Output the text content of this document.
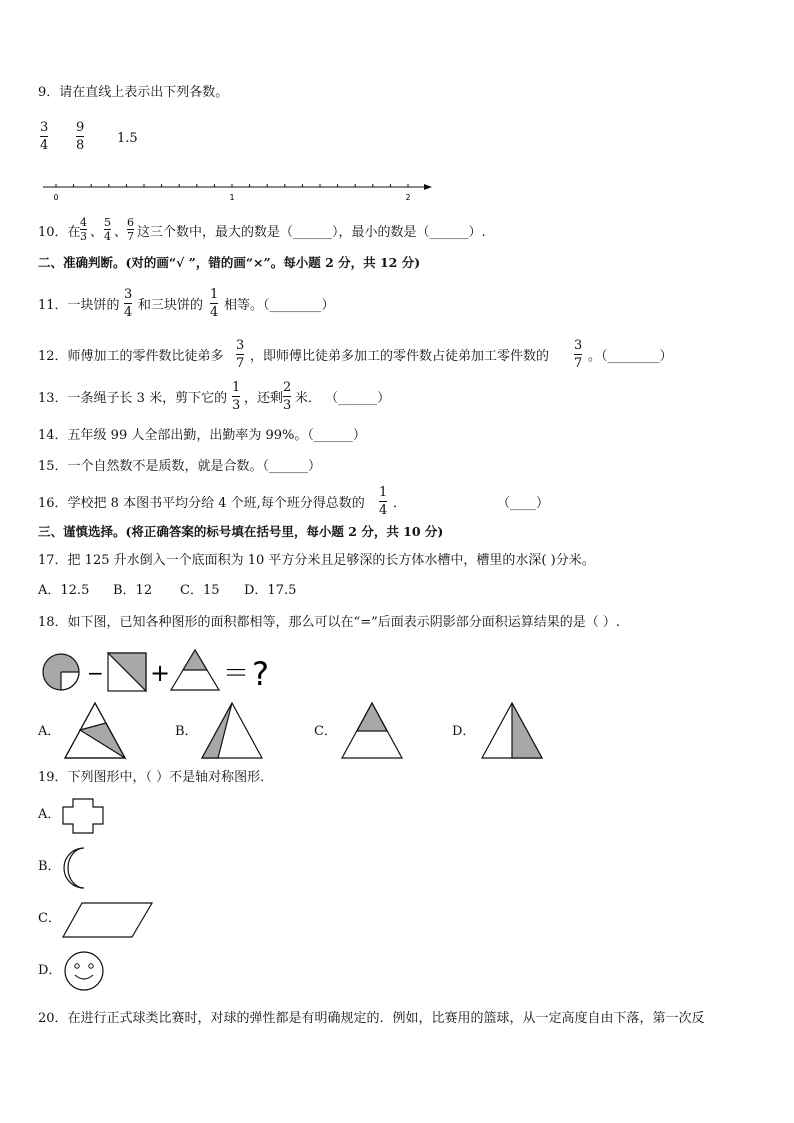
9．请在直线上表示出下列各数。
3
4
9
8	1.5
0	1	2
10．在
4
3 、
5
4 、
6
7 这三个数中，最大的数是（______），最小的数是（______）.
二、准确判断。(对的画“√ ”，错的画“×”。每小题 2 分，共 12 分)
11．一块饼的
3
4 和三块饼的
1
4 相等。（________）
12．师傅加工的零件数比徒弟多
3
7 ，即师傅比徒弟多加工的零件数占徒弟加工零件数的
3
7 。（________）
13．一条绳子长 3 米，剪下它的
1
3 ，还剩
2
3 米． （______）
14．五年级 99 人全部出勤，出勤率为 99%。（______）
15．一个自然数不是质数，就是合数。（______）
16．学校把 8 本图书平均分给 4 个班,每个班分得总数的
1
4 ．	（____）
三、谨慎选择。(将正确答案的标号填在括号里，每小题 2 分，共 10 分)
17．把 125 升水倒入一个底面积为 10 平方分米且足够深的长方体水槽中，槽里的水深( )分米。
A．12.5 B．12 C．15 D．17.5
18．如下图，已知各种图形的面积都相等，那么可以在“=”后面表示阴影部分面积运算结果的是（ ）.
− + ＝ ?
A．	B．	C．	D．
19．下列图形中，（ ）不是轴对称图形．
A．
B．
C．
D．
20．在进行正式球类比赛时，对球的弹性都是有明确规定的．例如，比赛用的篮球，从一定高度自由下落，第一次反
